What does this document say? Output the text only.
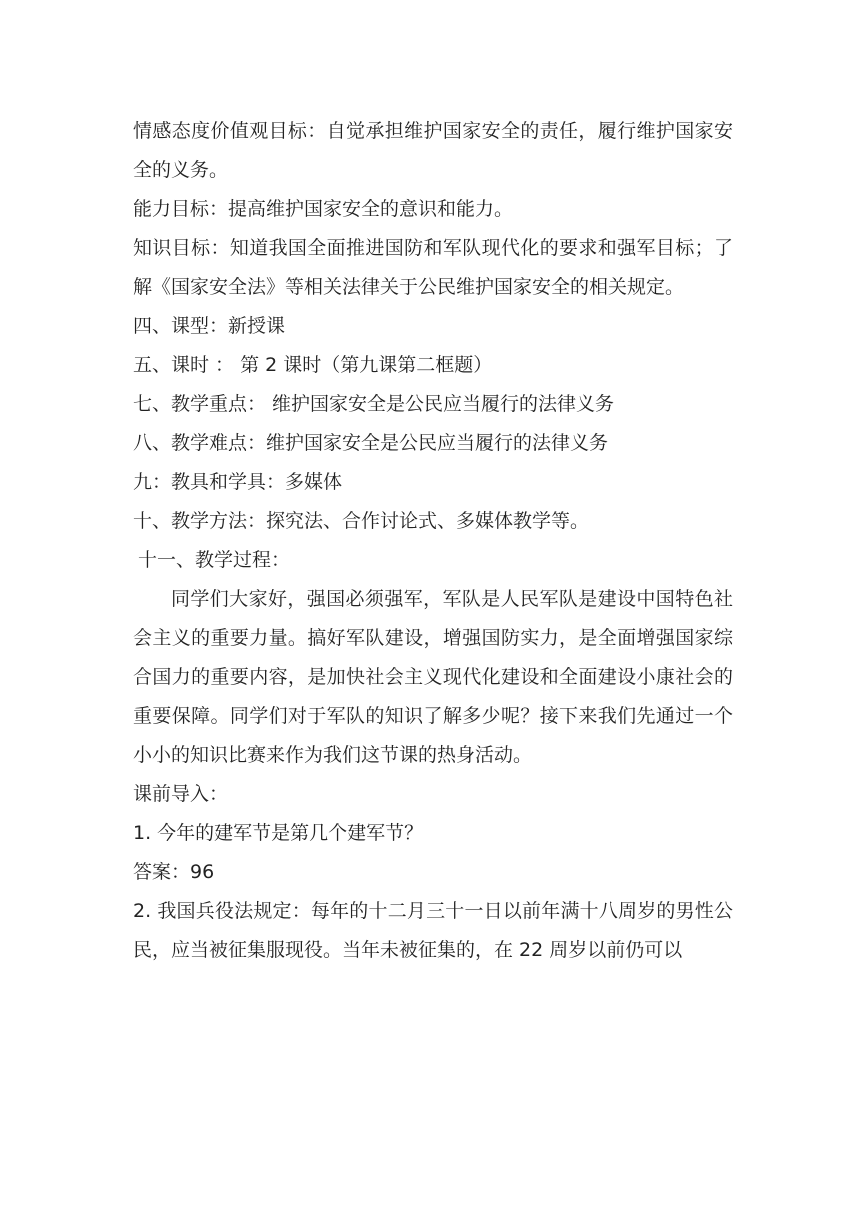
情感态度价值观目标：自觉承担维护国家安全的责任，履行维护国家安全的义务。

能力目标：提高维护国家安全的意识和能力。

知识目标：知道我国全面推进国防和军队现代化的要求和强军目标；了解《国家安全法》等相关法律关于公民维护国家安全的相关规定。

四、课型：新授课

五、课时 ： 第 2 课时（第九课第二框题）

七、教学重点： 维护国家安全是公民应当履行的法律义务

八、教学难点：维护国家安全是公民应当履行的法律义务

九：教具和学具：多媒体

十、教学方法：探究法、合作讨论式、多媒体教学等。

十一、教学过程：

同学们大家好，强国必须强军，军队是人民军队是建设中国特色社会主义的重要力量。搞好军队建设，增强国防实力，是全面增强国家综合国力的重要内容，是加快社会主义现代化建设和全面建设小康社会的重要保障。同学们对于军队的知识了解多少呢？接下来我们先通过一个小小的知识比赛来作为我们这节课的热身活动。

课前导入：

1. 今年的建军节是第几个建军节？

答案：96

2. 我国兵役法规定：每年的十二月三十一日以前年满十八周岁的男性公民，应当被征集服现役。当年未被征集的，在 22 周岁以前仍可以
